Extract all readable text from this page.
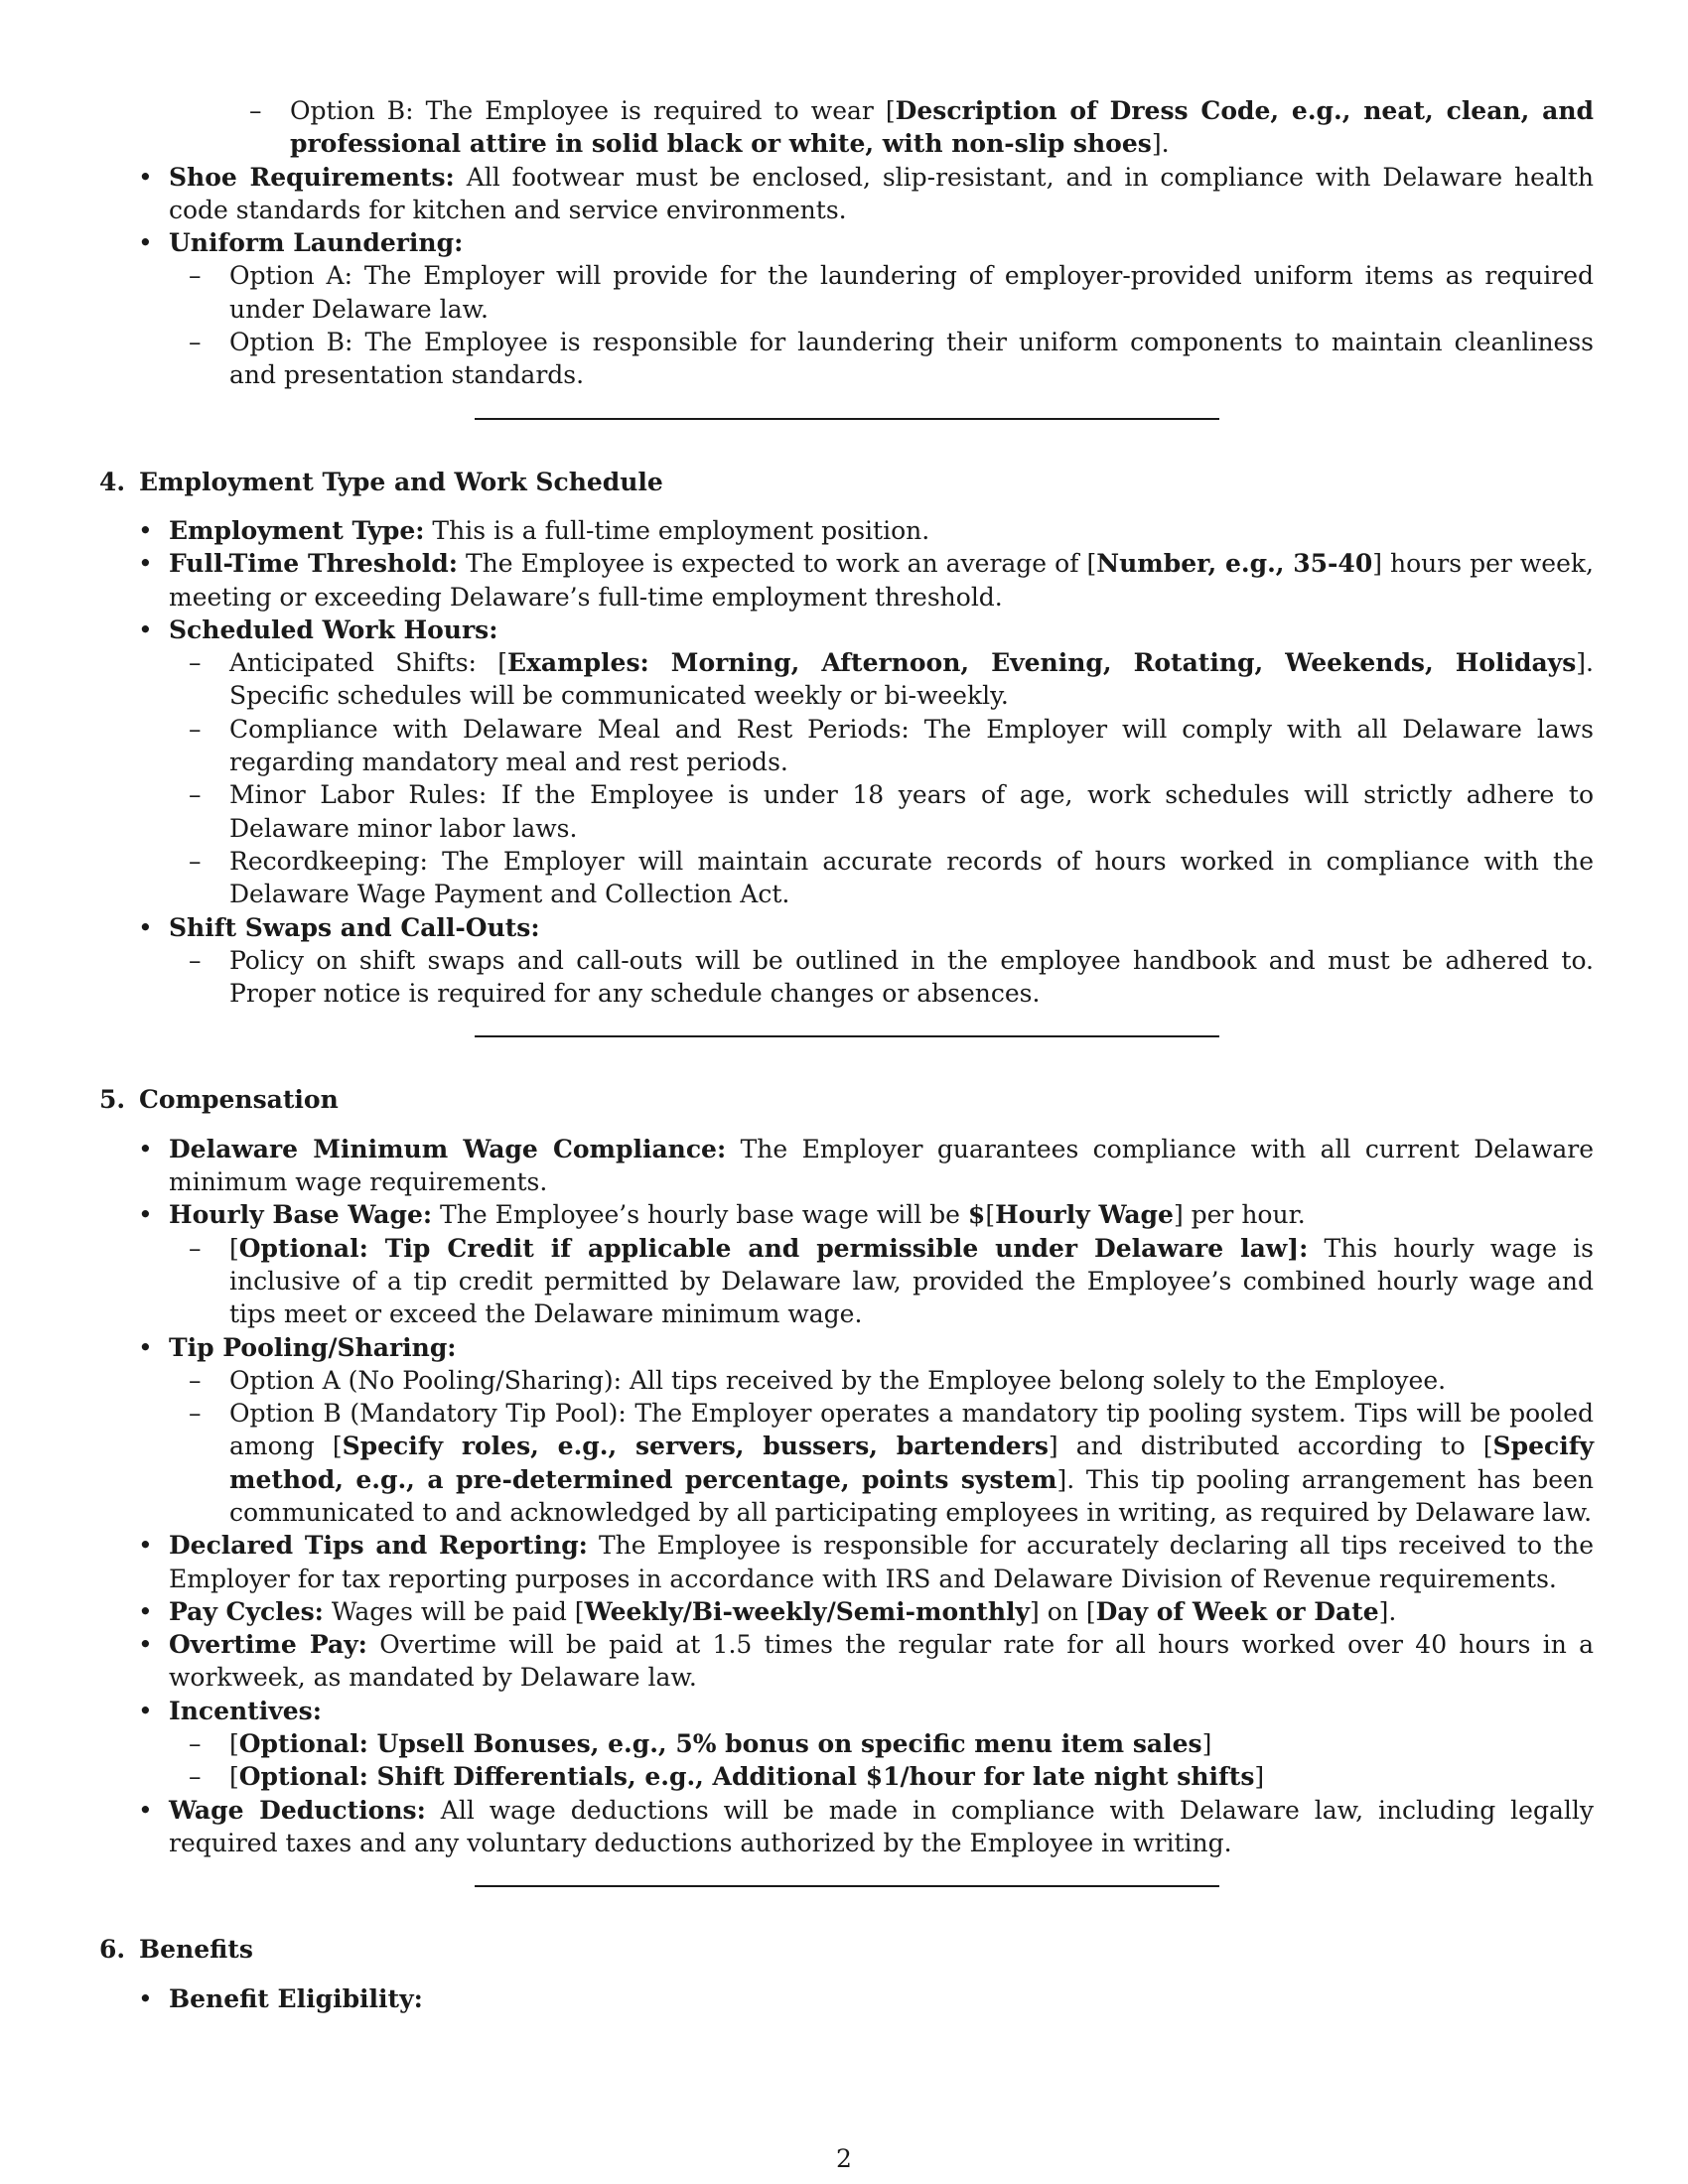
– Option B: The Employee is required to wear [Description of Dress Code, e.g., neat, clean, and professional attire in solid black or white, with non-slip shoes].
• Shoe Requirements: All footwear must be enclosed, slip-resistant, and in compliance with Delaware health code standards for kitchen and service environments.
• Uniform Laundering:
– Option A: The Employer will provide for the laundering of employer-provided uniform items as required under Delaware law.
– Option B: The Employee is responsible for laundering their uniform components to maintain cleanliness and presentation standards.
4. Employment Type and Work Schedule
• Employment Type: This is a full-time employment position.
• Full-Time Threshold: The Employee is expected to work an average of [Number, e.g., 35-40] hours per week, meeting or exceeding Delaware’s full-time employment threshold.
• Scheduled Work Hours:
– Anticipated Shifts: [Examples: Morning, Afternoon, Evening, Rotating, Weekends, Holidays]. Specific schedules will be communicated weekly or bi-weekly.
– Compliance with Delaware Meal and Rest Periods: The Employer will comply with all Delaware laws regarding mandatory meal and rest periods.
– Minor Labor Rules: If the Employee is under 18 years of age, work schedules will strictly adhere to Delaware minor labor laws.
– Recordkeeping: The Employer will maintain accurate records of hours worked in compliance with the Delaware Wage Payment and Collection Act.
• Shift Swaps and Call-Outs:
– Policy on shift swaps and call-outs will be outlined in the employee handbook and must be adhered to. Proper notice is required for any schedule changes or absences.
5. Compensation
• Delaware Minimum Wage Compliance: The Employer guarantees compliance with all current Delaware minimum wage requirements.
• Hourly Base Wage: The Employee’s hourly base wage will be $[Hourly Wage] per hour.
– [Optional: Tip Credit if applicable and permissible under Delaware law]: This hourly wage is inclusive of a tip credit permitted by Delaware law, provided the Employee’s combined hourly wage and tips meet or exceed the Delaware minimum wage.
• Tip Pooling/Sharing:
– Option A (No Pooling/Sharing): All tips received by the Employee belong solely to the Employee.
– Option B (Mandatory Tip Pool): The Employer operates a mandatory tip pooling system. Tips will be pooled among [Specify roles, e.g., servers, bussers, bartenders] and distributed according to [Specify method, e.g., a pre-determined percentage, points system]. This tip pooling arrangement has been communicated to and acknowledged by all participating employees in writing, as required by Delaware law.
• Declared Tips and Reporting: The Employee is responsible for accurately declaring all tips received to the Employer for tax reporting purposes in accordance with IRS and Delaware Division of Revenue requirements.
• Pay Cycles: Wages will be paid [Weekly/Bi-weekly/Semi-monthly] on [Day of Week or Date].
• Overtime Pay: Overtime will be paid at 1.5 times the regular rate for all hours worked over 40 hours in a workweek, as mandated by Delaware law.
• Incentives:
– [Optional: Upsell Bonuses, e.g., 5% bonus on specific menu item sales]
– [Optional: Shift Differentials, e.g., Additional $1/hour for late night shifts]
• Wage Deductions: All wage deductions will be made in compliance with Delaware law, including legally required taxes and any voluntary deductions authorized by the Employee in writing.
6. Benefits
• Benefit Eligibility:
2
